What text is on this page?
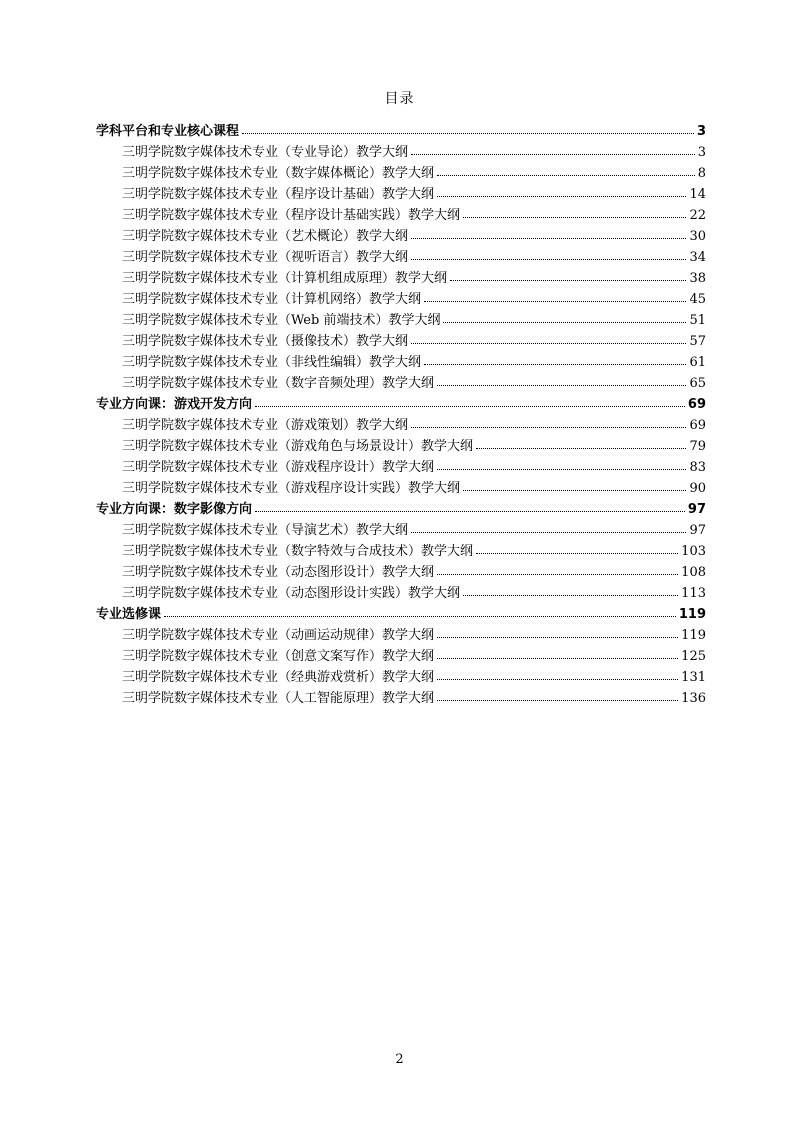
目录
学科平台和专业核心课程	3
三明学院数字媒体技术专业（专业导论）教学大纲	3
三明学院数字媒体技术专业（数字媒体概论）教学大纲	8
三明学院数字媒体技术专业（程序设计基础）教学大纲	14
三明学院数字媒体技术专业（程序设计基础实践）教学大纲	22
三明学院数字媒体技术专业（艺术概论）教学大纲	30
三明学院数字媒体技术专业（视听语言）教学大纲	34
三明学院数字媒体技术专业（计算机组成原理）教学大纲	38
三明学院数字媒体技术专业（计算机网络）教学大纲	45
三明学院数字媒体技术专业（Web 前端技术）教学大纲	51
三明学院数字媒体技术专业（摄像技术）教学大纲	57
三明学院数字媒体技术专业（非线性编辑）教学大纲	61
三明学院数字媒体技术专业（数字音频处理）教学大纲	65
专业方向课：游戏开发方向	69
三明学院数字媒体技术专业（游戏策划）教学大纲	69
三明学院数字媒体技术专业（游戏角色与场景设计）教学大纲	79
三明学院数字媒体技术专业（游戏程序设计）教学大纲	83
三明学院数字媒体技术专业（游戏程序设计实践）教学大纲	90
专业方向课：数字影像方向	97
三明学院数字媒体技术专业（导演艺术）教学大纲	97
三明学院数字媒体技术专业（数字特效与合成技术）教学大纲	103
三明学院数字媒体技术专业（动态图形设计）教学大纲	108
三明学院数字媒体技术专业（动态图形设计实践）教学大纲	113
专业选修课	119
三明学院数字媒体技术专业（动画运动规律）教学大纲	119
三明学院数字媒体技术专业（创意文案写作）教学大纲	125
三明学院数字媒体技术专业（经典游戏赏析）教学大纲	131
三明学院数字媒体技术专业（人工智能原理）教学大纲	136
2
